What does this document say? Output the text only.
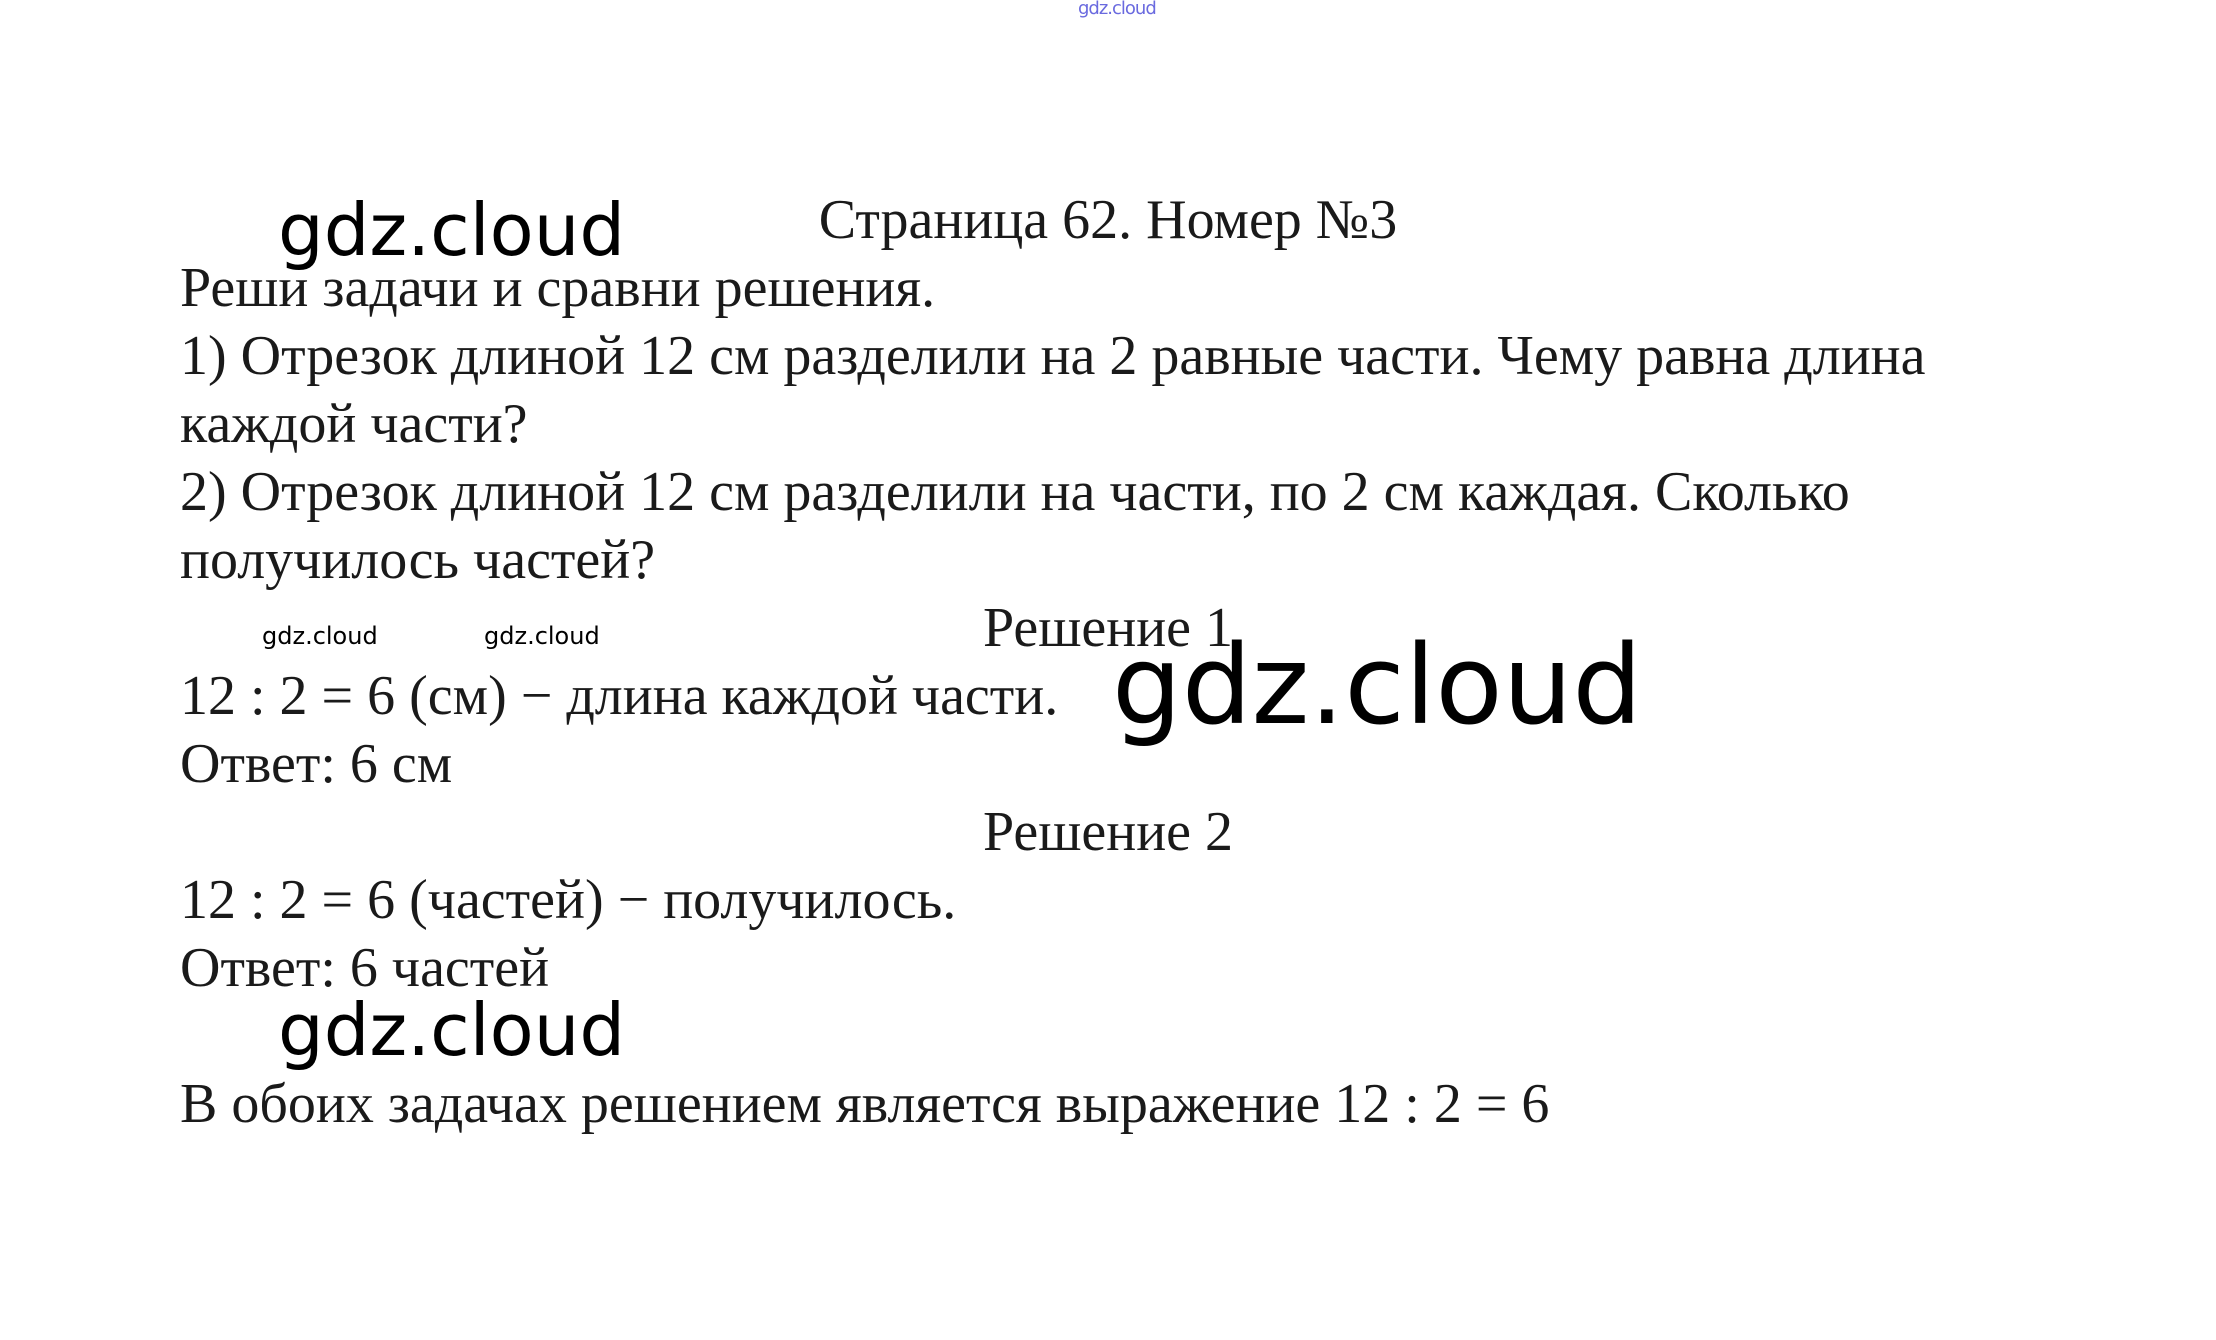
gdz.cloud
gdz.cloud
gdz.cloud	gdz.cloud	gdz.cloud
gdz.cloud

Страница 62. Номер №3

Реши задачи и сравни решения.

1) Отрезок длиной 12 см разделили на 2 равные части. Чему равна длина

каждой части?

2) Отрезок длиной 12 см разделили на части, по 2 см каждая. Сколько

получилось частей?

Решение 1

12 : 2 = 6 (см) − длина каждой части.

Ответ: 6 см

Решение 2

12 : 2 = 6 (частей) − получилось.

Ответ: 6 частей

В обоих задачах решением является выражение 12 : 2 = 6
